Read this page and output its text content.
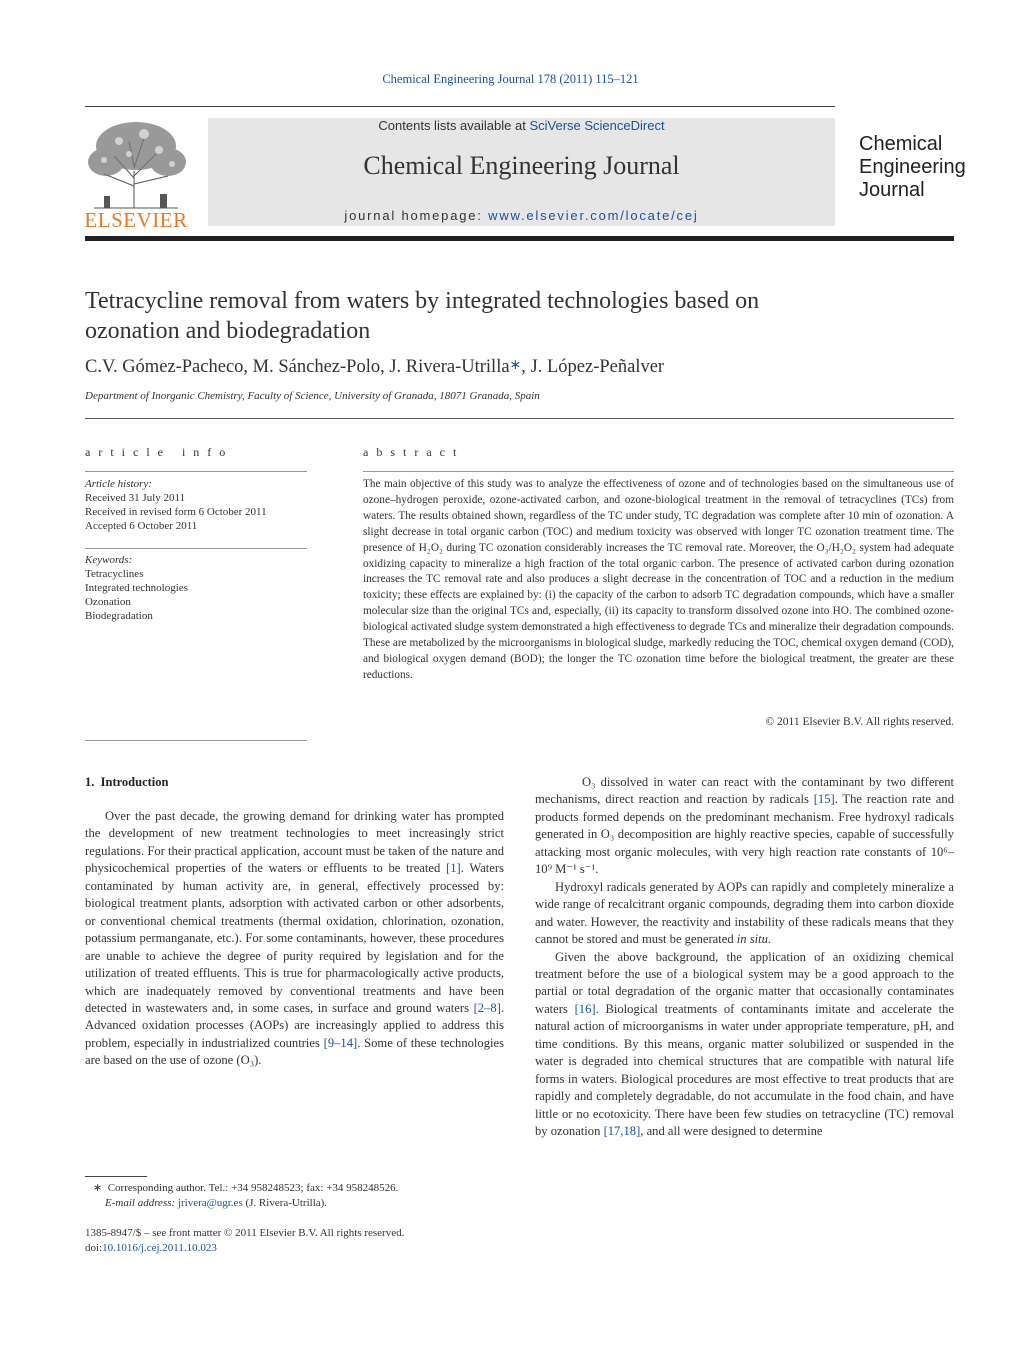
Chemical Engineering Journal 178 (2011) 115–121
ELSEVIER
Contents lists available at SciVerse ScienceDirect
Chemical Engineering Journal
journal homepage: www.elsevier.com/locate/cej
Chemical
Engineering
Journal
Tetracycline removal from waters by integrated technologies based on
ozonation and biodegradation
C.V. Gómez-Pacheco, M. Sánchez-Polo, J. Rivera-Utrilla∗, J. López-Peñalver
Department of Inorganic Chemistry, Faculty of Science, University of Granada, 18071 Granada, Spain
a r t i c l e   i n f o
Article history:
Received 31 July 2011
Received in revised form 6 October 2011
Accepted 6 October 2011
Keywords:
Tetracyclines
Integrated technologies
Ozonation
Biodegradation
a b s t r a c t
The main objective of this study was to analyze the effectiveness of ozone and of technologies based on the simultaneous use of ozone–hydrogen peroxide, ozone-activated carbon, and ozone-biological treatment in the removal of tetracyclines (TCs) from waters. The results obtained shown, regardless of the TC under study, TC degradation was complete after 10 min of ozonation. A slight decrease in total organic carbon (TOC) and medium toxicity was observed with longer TC ozonation treatment time. The presence of H₂O₂ during TC ozonation considerably increases the TC removal rate. Moreover, the O₃/H₂O₂ system had adequate oxidizing capacity to mineralize a high fraction of the total organic carbon. The presence of activated carbon during ozonation increases the TC removal rate and also produces a slight decrease in the concentration of TOC and a reduction in the medium toxicity; these effects are explained by: (i) the capacity of the carbon to adsorb TC degradation compounds, which have a smaller molecular size than the original TCs and, especially, (ii) its capacity to transform dissolved ozone into HO. The combined ozone-biological activated sludge system demonstrated a high effectiveness to degrade TCs and mineralize their degradation compounds. These are metabolized by the microorganisms in biological sludge, markedly reducing the TOC, chemical oxygen demand (COD), and biological oxygen demand (BOD); the longer the TC ozonation time before the biological treatment, the greater are these reductions.
© 2011 Elsevier B.V. All rights reserved.
1.  Introduction
Over the past decade, the growing demand for drinking water has prompted the development of new treatment technologies to meet increasingly strict regulations. For their practical application, account must be taken of the nature and physicochemical properties of the waters or effluents to be treated [1]. Waters contaminated by human activity are, in general, effectively processed by: biological treatment plants, adsorption with activated carbon or other adsorbents, or conventional chemical treatments (thermal oxidation, chlorination, ozonation, potassium permanganate, etc.). For some contaminants, however, these procedures are unable to achieve the degree of purity required by legislation and for the utilization of treated effluents. This is true for pharmacologically active products, which are inadequately removed by conventional treatments and have been detected in wastewaters and, in some cases, in surface and ground waters [2–8]. Advanced oxidation processes (AOPs) are increasingly applied to address this problem, especially in industrialized countries [9–14]. Some of these technologies are based on the use of ozone (O₃).

O₃ dissolved in water can react with the contaminant by two different mechanisms, direct reaction and reaction by radicals [15]. The reaction rate and products formed depends on the predominant mechanism. Free hydroxyl radicals generated in O₃ decomposition are highly reactive species, capable of successfully attacking most organic molecules, with very high reaction rate constants of 10⁶–10⁹ M⁻¹ s⁻¹.

Hydroxyl radicals generated by AOPs can rapidly and completely mineralize a wide range of recalcitrant organic compounds, degrading them into carbon dioxide and water. However, the reactivity and instability of these radicals means that they cannot be stored and must be generated in situ.

Given the above background, the application of an oxidizing chemical treatment before the use of a biological system may be a good approach to the partial or total degradation of the organic matter that occasionally contaminates waters [16]. Biological treatments of contaminants imitate and accelerate the natural action of microorganisms in water under appropriate temperature, pH, and time conditions. By this means, organic matter solubilized or suspended in the water is degraded into chemical structures that are compatible with natural life forms in waters. Biological procedures are most effective to treat products that are rapidly and completely degradable, do not accumulate in the food chain, and have little or no ecotoxicity. There have been few studies on tetracycline (TC) removal by ozonation [17,18], and all were designed to determine

∗ Corresponding author. Tel.: +34 958248523; fax: +34 958248526.
E-mail address: jrivera@ugr.es (J. Rivera-Utrilla).
1385-8947/$ – see front matter © 2011 Elsevier B.V. All rights reserved.
doi:10.1016/j.cej.2011.10.023
